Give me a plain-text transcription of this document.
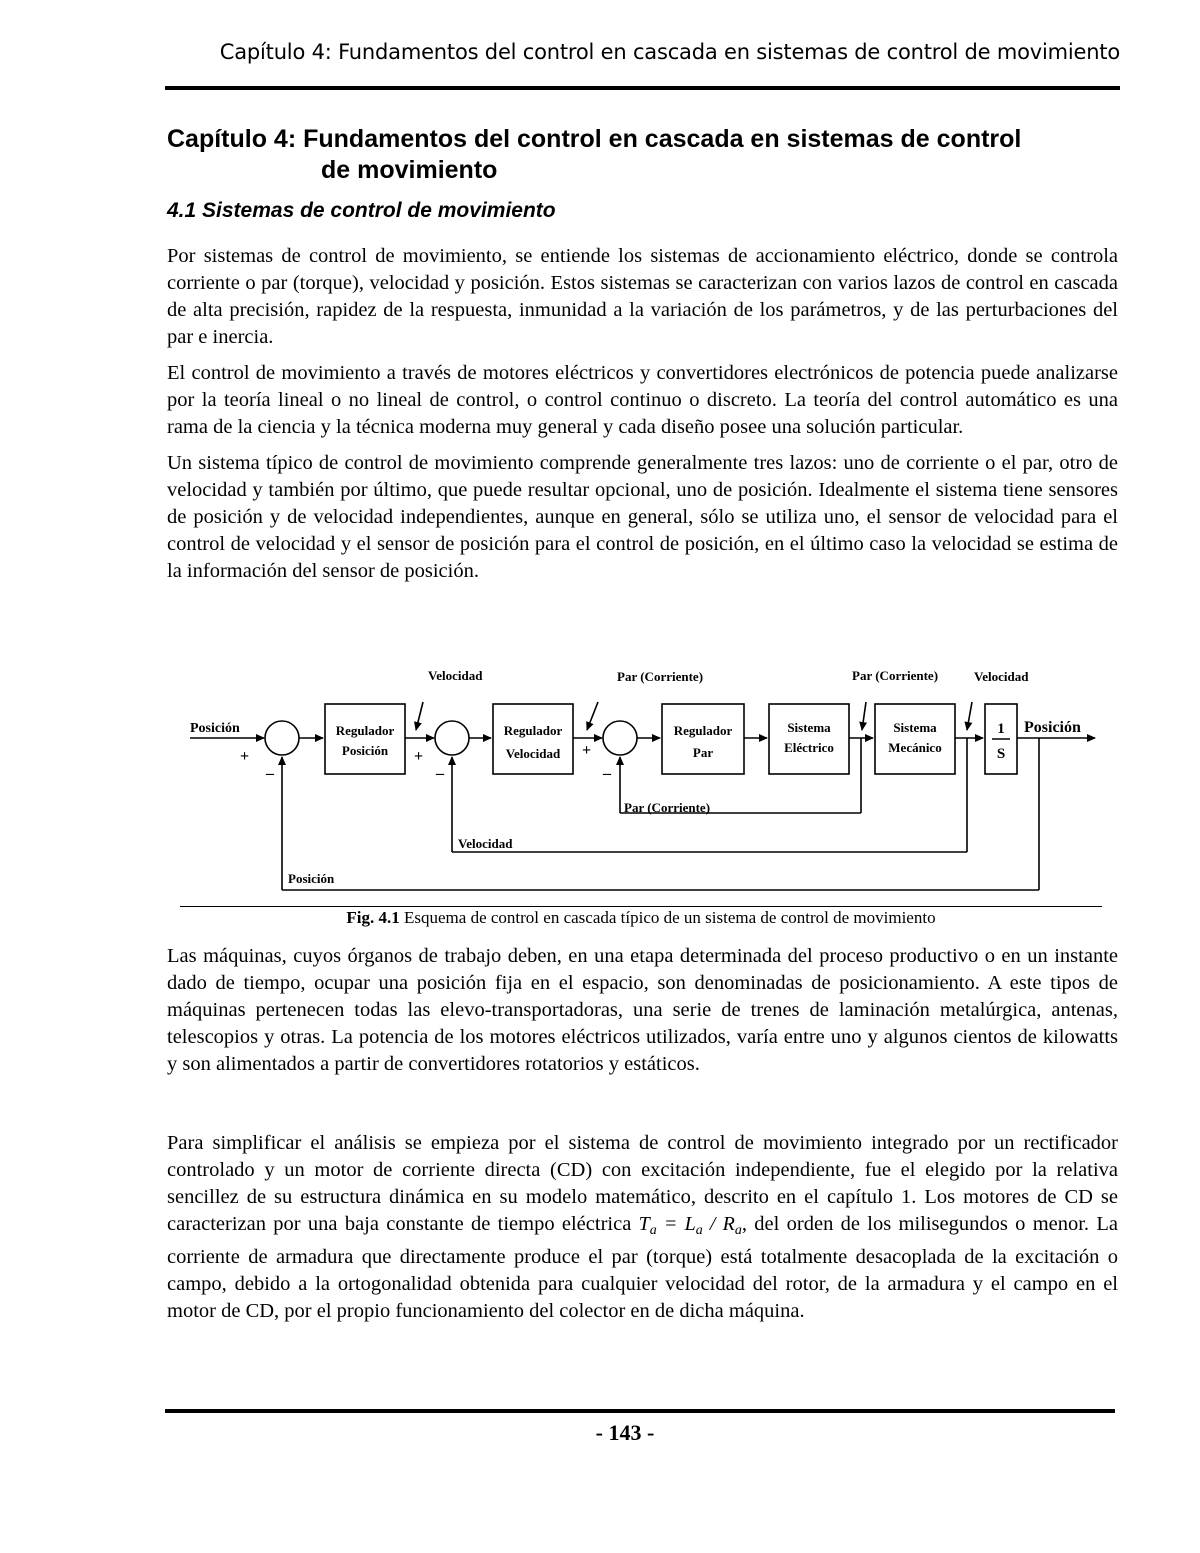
Capítulo 4: Fundamentos del control en cascada en sistemas de control de movimiento
Capítulo 4: Fundamentos del control en cascada en sistemas de control
de movimiento
4.1 Sistemas de control de movimiento

Por sistemas de control de movimiento, se entiende los sistemas de accionamiento eléctrico, donde se controla corriente o par (torque), velocidad y posición. Estos sistemas se caracterizan con varios lazos de control en cascada de alta precisión, rapidez de la respuesta, inmunidad a la variación de los parámetros, y de las perturbaciones del par e inercia.

El control de movimiento a través de motores eléctricos y convertidores electrónicos de potencia puede analizarse por la teoría lineal o no lineal de control, o control continuo o discreto. La teoría del control automático es una rama de la ciencia y la técnica moderna muy general y cada diseño posee una solución particular.

Un sistema típico de control de movimiento comprende generalmente tres lazos: uno de corriente o el par, otro de velocidad y también por último, que puede resultar opcional, uno de posición. Idealmente el sistema tiene sensores de posición y de velocidad independientes, aunque en general, sólo se utiliza uno, el sensor de velocidad para el control de velocidad y el sensor de posición para el control de posición, en el último caso la velocidad se estima de la información del sensor de posición.

Posición	Posición
+
–
+
–
+
–
Regulador
Posición
Regulador
Velocidad
Regulador
Par
Sistema
Eléctrico
Sistema
Mecánico
1
S
Velocidad	Par (Corriente)	Par (Corriente)	Velocidad
Par (Corriente)
Velocidad
Posición
Fig. 4.1 Esquema de control en cascada típico de un sistema de control de movimiento

Las máquinas, cuyos órganos de trabajo deben, en una etapa determinada del proceso productivo o en un instante dado de tiempo, ocupar una posición fija en el espacio, son denominadas de posicionamiento. A este tipos de máquinas pertenecen todas las elevo-transportadoras, una serie de trenes de laminación metalúrgica, antenas, telescopios y otras. La potencia de los motores eléctricos utilizados, varía entre uno y algunos cientos de kilowatts y son alimentados a partir de convertidores rotatorios y estáticos.

Para simplificar el análisis se empieza por el sistema de control de movimiento integrado por un rectificador controlado y un motor de corriente directa (CD) con excitación independiente, fue el elegido por la relativa sencillez de su estructura dinámica en su modelo matemático, descrito en el capítulo 1. Los motores de CD se caracterizan por una baja constante de tiempo eléctrica $T_a = L_a / R_a$, del orden de los milisegundos o menor. La corriente de armadura que directamente produce el par (torque) está totalmente desacoplada de la excitación o campo, debido a la ortogonalidad obtenida para cualquier velocidad del rotor, de la armadura y el campo en el motor de CD, por el propio funcionamiento del colector en de dicha máquina.

- 143 -
